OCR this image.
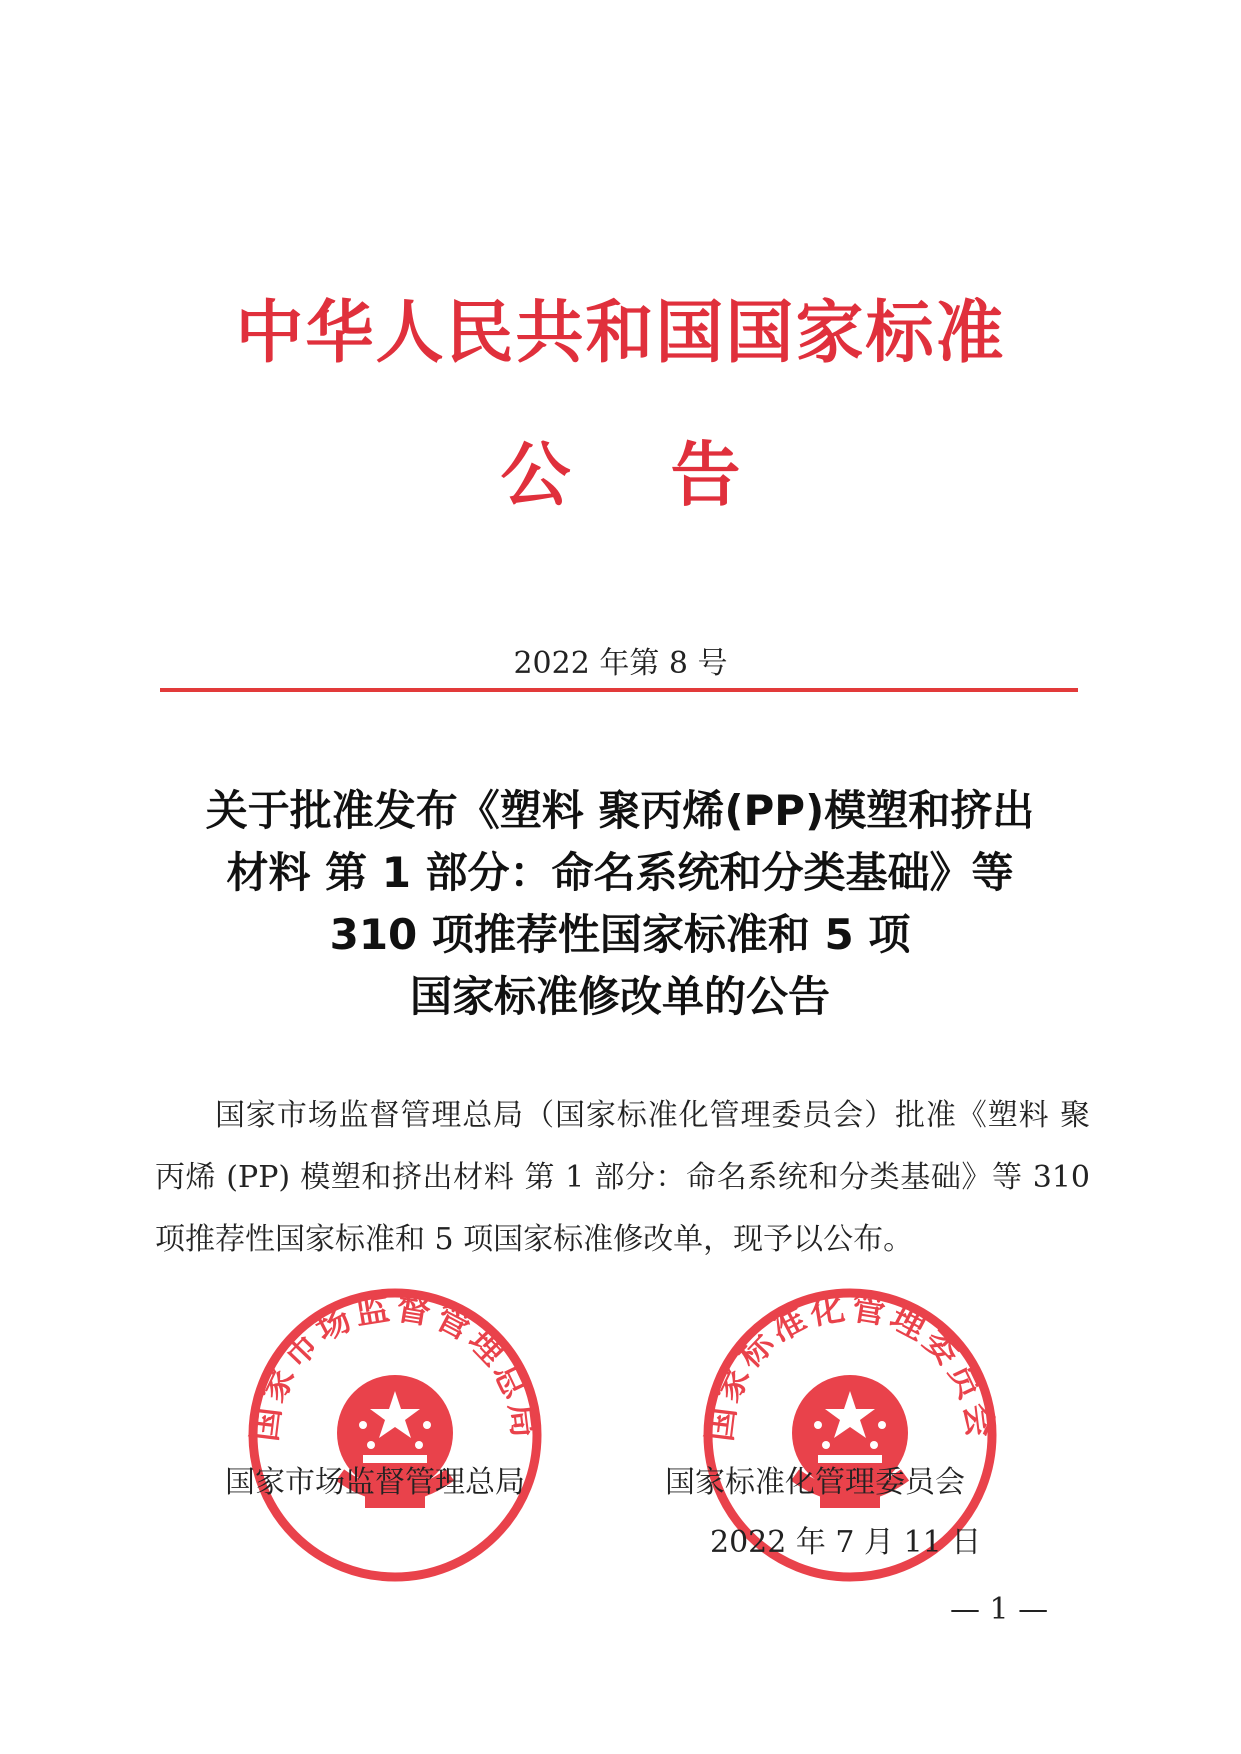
中华人民共和国国家标准
公告
2022 年第 8 号
关于批准发布《塑料 聚丙烯(PP)模塑和挤出
材料 第 1 部分：命名系统和分类基础》等
310 项推荐性国家标准和 5 项
国家标准修改单的公告
国家市场监督管理总局（国家标准化管理委员会）批准《塑料 聚丙烯 (PP) 模塑和挤出材料 第 1 部分：命名系统和分类基础》等 310 项推荐性国家标准和 5 项国家标准修改单，现予以公布。
国家市场监督管理总局	国家标准化管理委员会
国家市场监督管理总局	国家标准化管理委员会
2022 年 7 月 11 日
— 1 —
